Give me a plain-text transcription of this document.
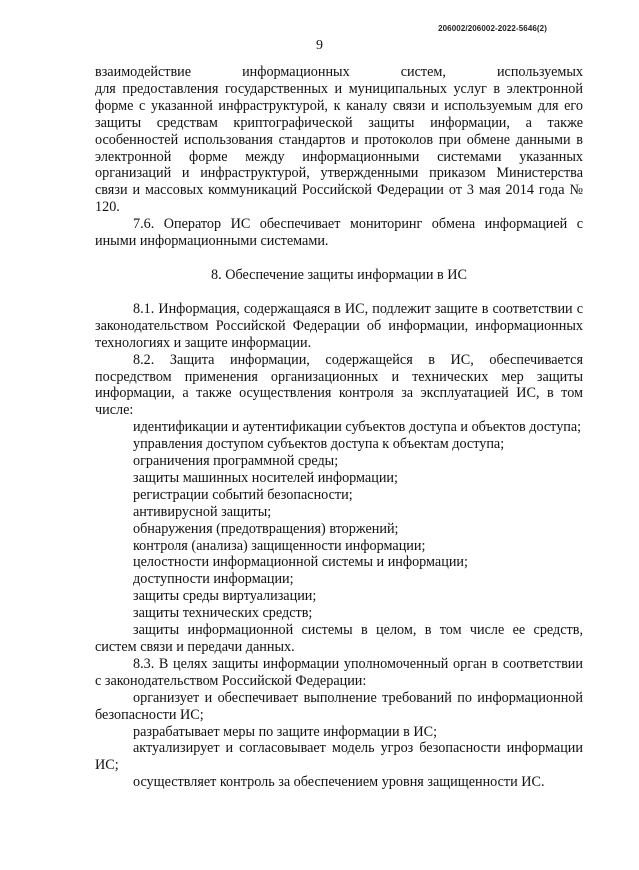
206002/206002-2022-5646(2)
9

взаимодействие информационных систем, используемых

для предоставления государственных и муниципальных услуг в электронной форме с указанной инфраструктурой, к каналу связи и используемым для его защиты средствам криптографической защиты информации, а также особенностей использования стандартов и протоколов при обмене данными в электронной форме между информационными системами указанных организаций и инфраструктурой, утвержденными приказом Министерства связи и массовых коммуникаций Российской Федерации от 3 мая 2014 года № 120.

7.6. Оператор ИС обеспечивает мониторинг обмена информацией с иными информационными системами.

8. Обеспечение защиты информации в ИС

8.1. Информация, содержащаяся в ИС, подлежит защите в соответствии с законодательством Российской Федерации об информации, информационных технологиях и защите информации.

8.2. Защита информации, содержащейся в ИС, обеспечивается посредством применения организационных и технических мер защиты информации, а также осуществления контроля за эксплуатацией ИС, в том числе:

идентификации и аутентификации субъектов доступа и объектов доступа;

управления доступом субъектов доступа к объектам доступа;

ограничения программной среды;

защиты машинных носителей информации;

регистрации событий безопасности;

антивирусной защиты;

обнаружения (предотвращения) вторжений;

контроля (анализа) защищенности информации;

целостности информационной системы и информации;

доступности информации;

защиты среды виртуализации;

защиты технических средств;

защиты информационной системы в целом, в том числе ее средств, систем связи и передачи данных.

8.3. В целях защиты информации уполномоченный орган в соответствии с законодательством Российской Федерации:

организует и обеспечивает выполнение требований по информационной безопасности ИС;

разрабатывает меры по защите информации в ИС;

актуализирует и согласовывает модель угроз безопасности информации ИС;

осуществляет контроль за обеспечением уровня защищенности ИС.
